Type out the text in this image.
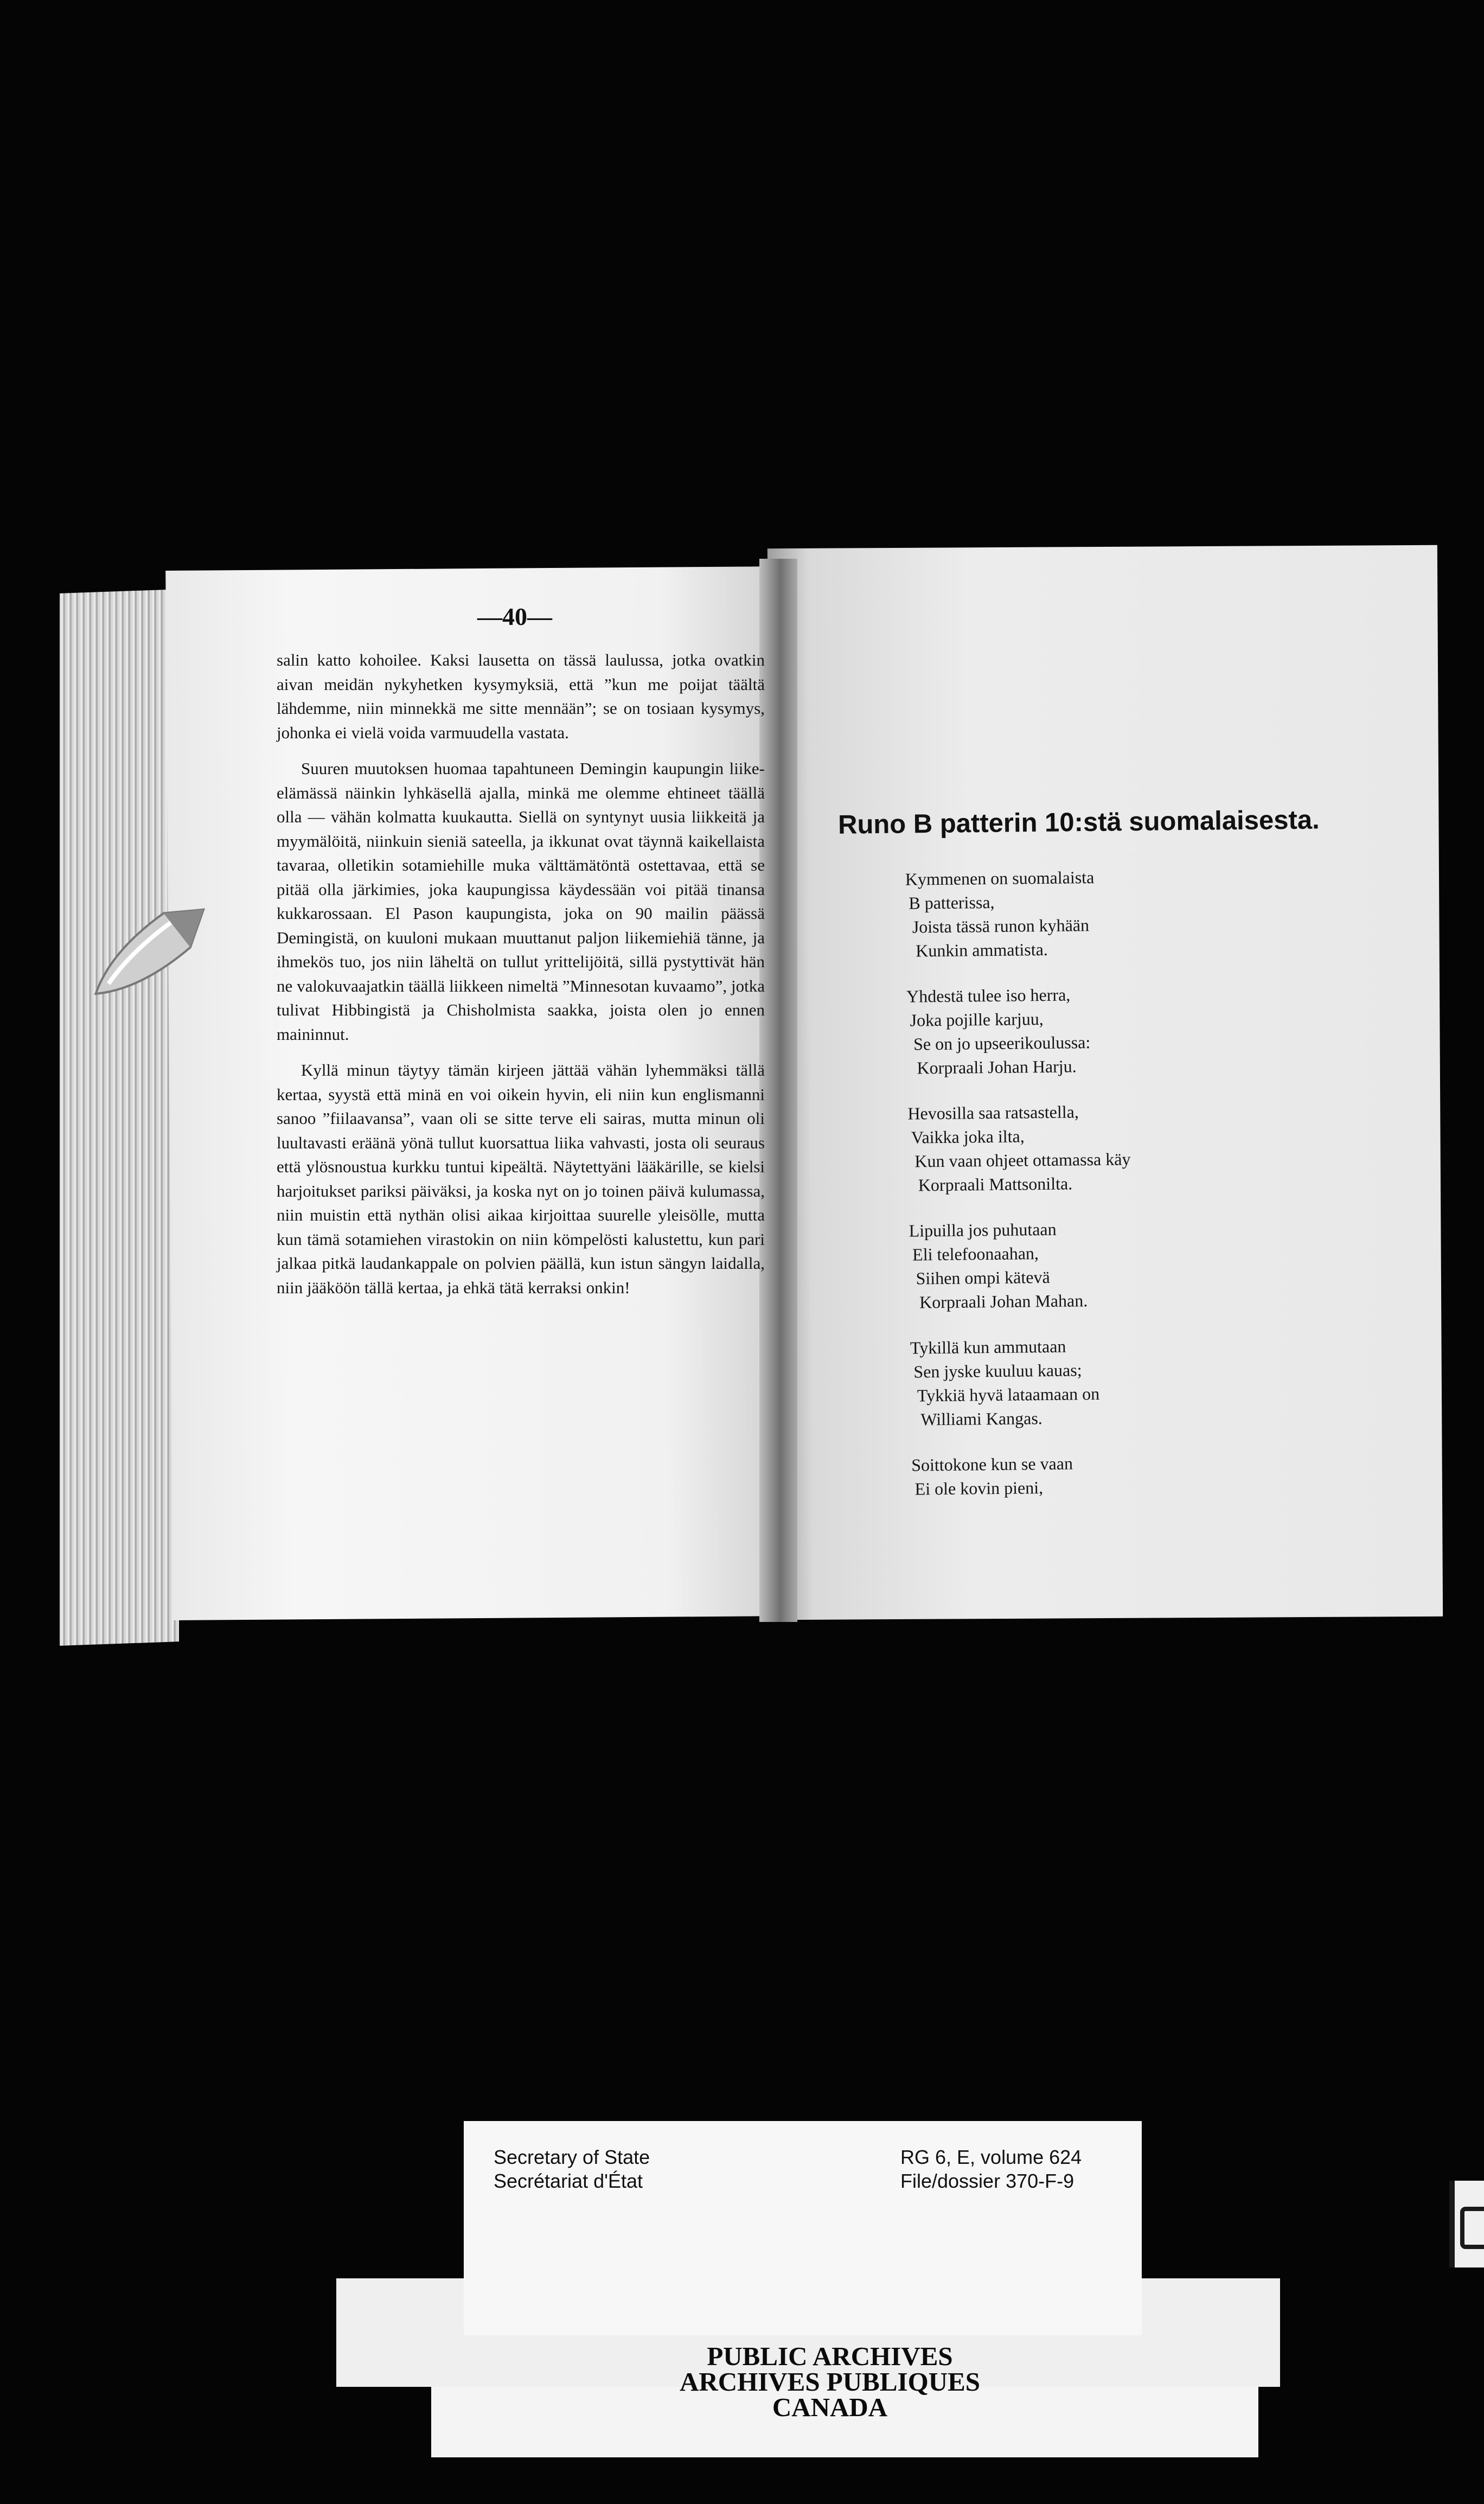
—40—

salin katto kohoilee. Kaksi lausetta on tässä laulussa, jotka ovatkin aivan meidän nykyhetken kysymyksiä, että ”kun me poijat täältä lähdemme, niin minnekkä me sitte mennään”; se on tosiaan kysymys, johonka ei vielä voida varmuudella vastata.

Suuren muutoksen huomaa tapahtuneen Demingin kaupungin liike-elämässä näinkin lyhkäsellä ajalla, minkä me olemme ehtineet täällä olla — vähän kolmatta kuukautta. Siellä on syntynyt uusia liikkeitä ja myymälöitä, niinkuin sieniä sateella, ja ikkunat ovat täynnä kaikellaista tavaraa, olletikin sotamiehille muka välttämätöntä ostettavaa, että se pitää olla järkimies, joka kaupungissa käydessään voi pitää tinansa kukkarossaan. El Pason kaupungista, joka on 90 mailin päässä Demingistä, on kuuloni mukaan muuttanut paljon liikemiehiä tänne, ja ihmekös tuo, jos niin läheltä on tullut yrittelijöitä, sillä pystyttivät hän ne valokuvaajatkin täällä liikkeen nimeltä ”Minnesotan kuvaamo”, jotka tulivat Hibbingistä ja Chisholmista saakka, joista olen jo ennen maininnut.

Kyllä minun täytyy tämän kirjeen jättää vähän lyhemmäksi tällä kertaa, syystä että minä en voi oikein hyvin, eli niin kun englismanni sanoo ”fiilaavansa”, vaan oli se sitte terve eli sairas, mutta minun oli luultavasti eräänä yönä tullut kuorsattua liika vahvasti, josta oli seuraus että ylösnoustua kurkku tuntui kipeältä. Näytettyäni lääkärille, se kielsi harjoitukset pariksi päiväksi, ja koska nyt on jo toinen päivä kulumassa, niin muistin että nythän olisi aikaa kirjoittaa suurelle yleisölle, mutta kun tämä sotamiehen virastokin on niin kömpelösti kalustettu, kun pari jalkaa pitkä laudankappale on polvien päällä, kun istun sängyn laidalla, niin jääköön tällä kertaa, ja ehkä tätä kerraksi onkin!

Runo B patterin 10:stä suomalaisesta.
Kymmenen on suomalaista
B patterissa,
Joista tässä runon kyhään
Kunkin ammatista.
Yhdestä tulee iso herra,
Joka pojille karjuu,
Se on jo upseerikoulussa:
Korpraali Johan Harju.
Hevosilla saa ratsastella,
Vaikka joka ilta,
Kun vaan ohjeet ottamassa käy
Korpraali Mattsonilta.
Lipuilla jos puhutaan
Eli telefoonaahan,
Siihen ompi kätevä
Korpraali Johan Mahan.
Tykillä kun ammutaan
Sen jyske kuuluu kauas;
Tykkiä hyvä lataamaan on
Williami Kangas.
Soittokone kun se vaan
Ei ole kovin pieni,
Secretary of State
Secrétariat d'État
RG 6, E, volume 624
File/dossier 370-F-9
PUBLIC ARCHIVES
ARCHIVES PUBLIQUES
CANADA
